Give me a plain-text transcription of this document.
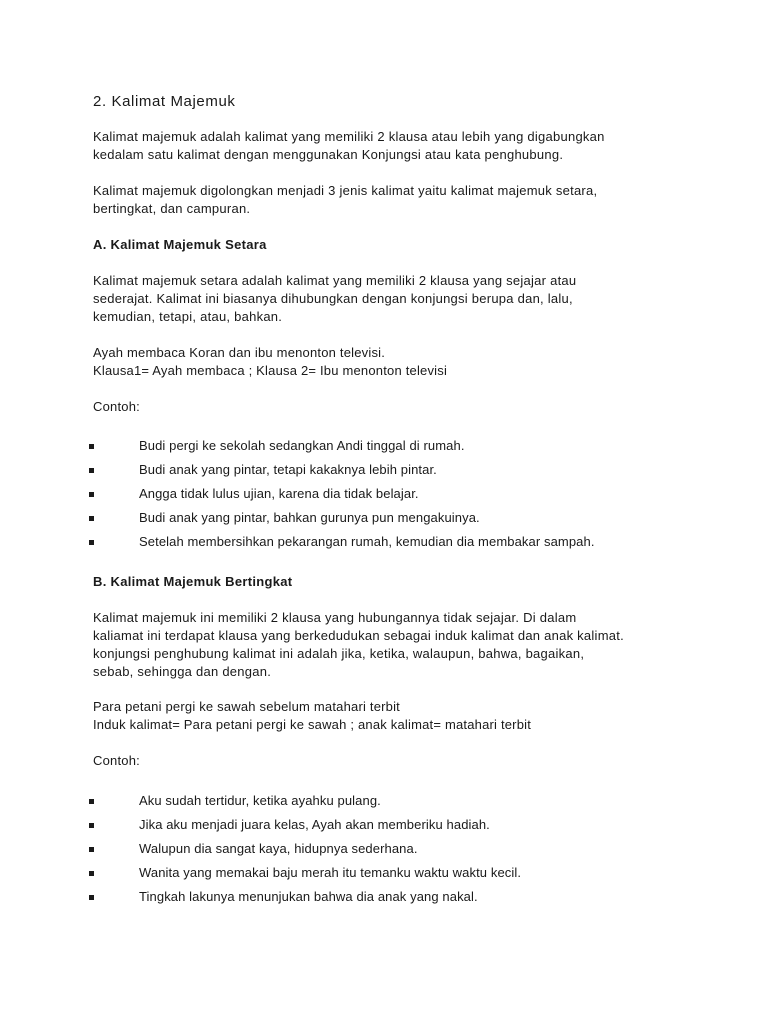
2. Kalimat Majemuk

Kalimat majemuk adalah kalimat yang memiliki 2 klausa atau lebih yang digabungkan
kedalam satu kalimat dengan menggunakan Konjungsi atau kata penghubung.

Kalimat majemuk digolongkan menjadi 3 jenis kalimat yaitu kalimat majemuk setara,
bertingkat, dan campuran.

A. Kalimat Majemuk Setara

Kalimat majemuk setara adalah kalimat yang memiliki 2 klausa yang sejajar atau
sederajat. Kalimat ini biasanya dihubungkan dengan konjungsi berupa dan, lalu,
kemudian, tetapi, atau, bahkan.

Ayah membaca Koran dan ibu menonton televisi.
Klausa1= Ayah membaca ; Klausa 2= Ibu menonton televisi

Contoh:

Budi pergi ke sekolah sedangkan Andi tinggal di rumah.
Budi anak yang pintar, tetapi kakaknya lebih pintar.
Angga tidak lulus ujian, karena dia tidak belajar.
Budi anak yang pintar, bahkan gurunya pun mengakuinya.
Setelah membersihkan pekarangan rumah, kemudian dia membakar sampah.
B. Kalimat Majemuk Bertingkat

Kalimat majemuk ini memiliki 2 klausa yang hubungannya tidak sejajar. Di dalam
kaliamat ini terdapat klausa yang berkedudukan sebagai induk kalimat dan anak kalimat.
konjungsi penghubung kalimat ini adalah jika, ketika, walaupun, bahwa, bagaikan,
sebab, sehingga dan dengan.

Para petani pergi ke sawah sebelum matahari terbit
Induk kalimat= Para petani pergi ke sawah ; anak kalimat= matahari terbit

Contoh:

Aku sudah tertidur, ketika ayahku pulang.
Jika aku menjadi juara kelas, Ayah akan memberiku hadiah.
Walupun dia sangat kaya, hidupnya sederhana.
Wanita yang memakai baju merah itu temanku waktu waktu kecil.
Tingkah lakunya menunjukan bahwa dia anak yang nakal.
